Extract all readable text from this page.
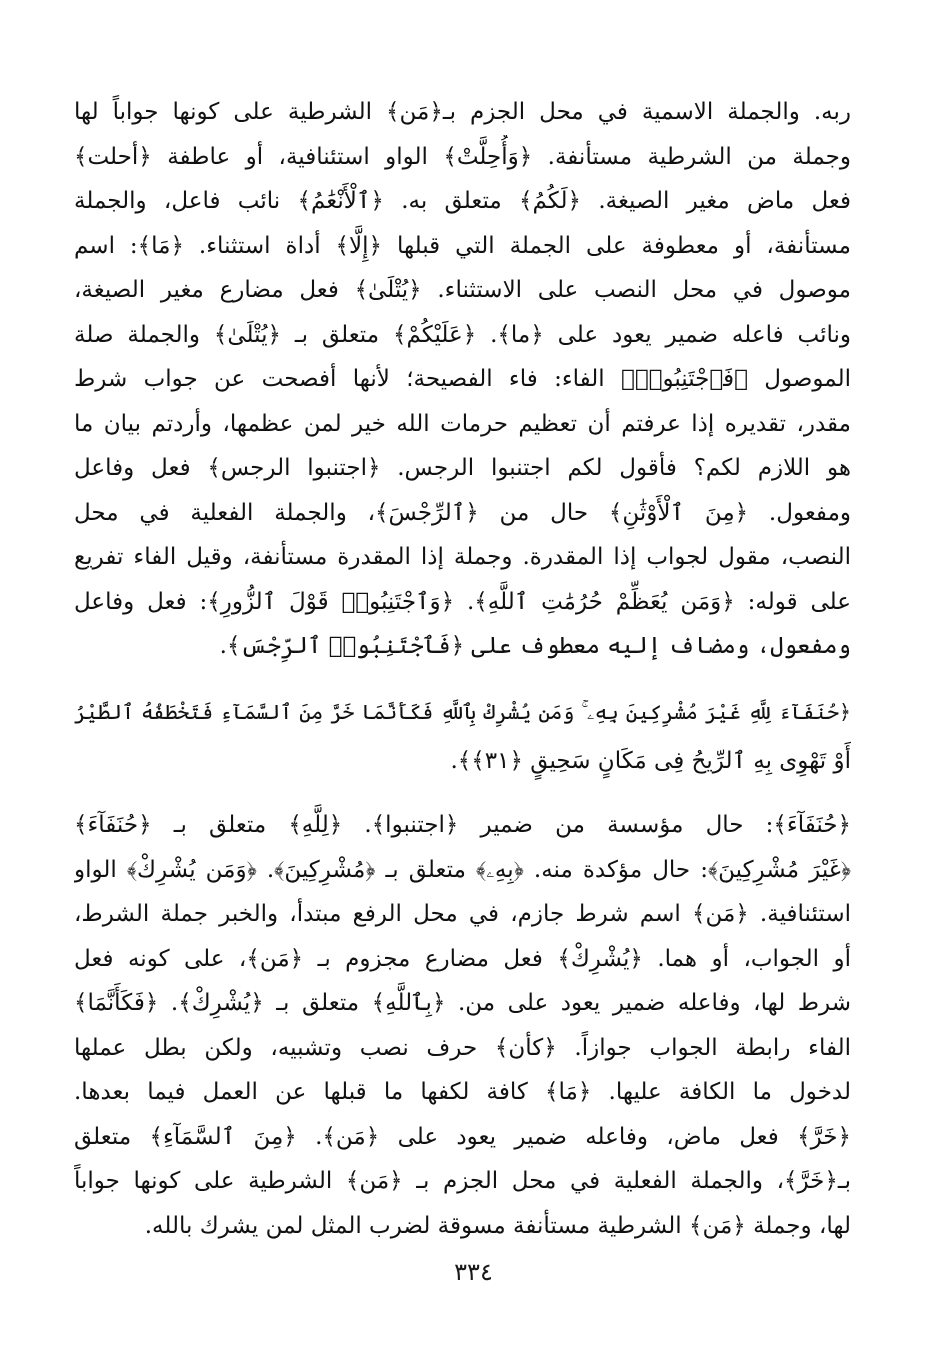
ربه. والجملة الاسمية في محل الجزم بـ﴿مَن﴾ الشرطية على كونها جواباً لها
وجملة من الشرطية مستأنفة. ﴿وَأُحِلَّتْ﴾ الواو استئنافية، أو عاطفة ﴿أحلت﴾
فعل ماض مغير الصيغة. ﴿لَكُمُ﴾ متعلق به. ﴿ٱلْأَنْعَٰمُ﴾ نائب فاعل، والجملة
مستأنفة، أو معطوفة على الجملة التي قبلها ﴿إِلَّا﴾ أداة استثناء. ﴿مَا﴾: اسم
موصول في محل النصب على الاستثناء. ﴿يُتْلَىٰ﴾ فعل مضارع مغير الصيغة،
ونائب فاعله ضمير يعود على ﴿ما﴾. ﴿عَلَيْكُمْ﴾ متعلق بـ ﴿يُتْلَىٰ﴾ والجملة صلة
الموصول ﴿فَٱجْتَنِبُوا۟﴾ الفاء: فاء الفصيحة؛ لأنها أفصحت عن جواب شرط
مقدر، تقديره إذا عرفتم أن تعظيم حرمات الله خير لمن عظمها، وأردتم بيان ما
هو اللازم لكم؟ فأقول لكم اجتنبوا الرجس. ﴿اجتنبوا الرجس﴾ فعل وفاعل
ومفعول. ﴿مِنَ ٱلْأَوْثَٰنِ﴾ حال من ﴿ٱلرِّجْسَ﴾، والجملة الفعلية في محل
النصب، مقول لجواب إذا المقدرة. وجملة إذا المقدرة مستأنفة، وقيل الفاء تفريع
على قوله: ﴿وَمَن يُعَظِّمْ حُرُمَٰتِ ٱللَّهِ﴾. ﴿وَٱجْتَنِبُوا۟ قَوْلَ ٱلزُّورِ﴾: فعل وفاعل
ومفعول، ومضاف إليه معطوف على ﴿فَٱجْتَنِبُوا۟ ٱلرِّجْسَ﴾.
﴿حُنَفَآءَ لِلَّهِ غَيْرَ مُشْرِكِينَ بِهِۦ ۚ وَمَن يُشْرِكْ بِٱللَّهِ فَكَأَنَّمَا خَرَّ مِنَ ٱلسَّمَآءِ فَتَخْطَفُهُ ٱلطَّيْرُ
أَوْ تَهْوِى بِهِ ٱلرِّيحُ فِى مَكَانٍ سَحِيقٍ ﴿٣١﴾﴾.
﴿حُنَفَآءَ﴾: حال مؤسسة من ضمير ﴿اجتنبوا﴾. ﴿لِلَّهِ﴾ متعلق بـ ﴿حُنَفَآءَ﴾
﴿غَيْرَ مُشْرِكِينَ﴾: حال مؤكدة منه. ﴿بِهِۦ﴾ متعلق بـ ﴿مُشْرِكِينَ﴾. ﴿وَمَن يُشْرِكْ﴾ الواو
استئنافية. ﴿مَن﴾ اسم شرط جازم، في محل الرفع مبتدأ، والخبر جملة الشرط،
أو الجواب، أو هما. ﴿يُشْرِكْ﴾ فعل مضارع مجزوم بـ ﴿مَن﴾، على كونه فعل
شرط لها، وفاعله ضمير يعود على من. ﴿بِٱللَّهِ﴾ متعلق بـ ﴿يُشْرِكْ﴾. ﴿فَكَأَنَّمَا﴾
الفاء رابطة الجواب جوازاً. ﴿كأن﴾ حرف نصب وتشبيه، ولكن بطل عملها
لدخول ما الكافة عليها. ﴿مَا﴾ كافة لكفها ما قبلها عن العمل فيما بعدها.
﴿خَرَّ﴾ فعل ماض، وفاعله ضمير يعود على ﴿مَن﴾. ﴿مِنَ ٱلسَّمَآءِ﴾ متعلق
بـ﴿خَرَّ﴾، والجملة الفعلية في محل الجزم بـ ﴿مَن﴾ الشرطية على كونها جواباً
لها، وجملة ﴿مَن﴾ الشرطية مستأنفة مسوقة لضرب المثل لمن يشرك بالله.
٣٣٤
